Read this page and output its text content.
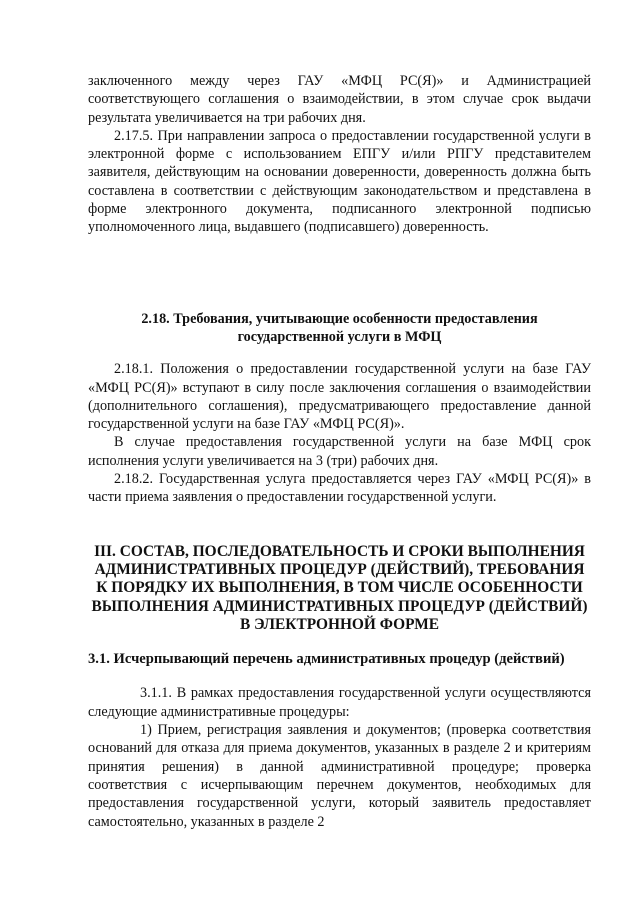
заключенного между через ГАУ «МФЦ РС(Я)» и Администрацией соответствующего соглашения о взаимодействии, в этом случае срок выдачи результата увеличивается на три рабочих дня.

2.17.5. При направлении запроса о предоставлении государственной услуги в электронной форме с использованием ЕПГУ и/или РПГУ представителем заявителя, действующим на основании доверенности, доверенность должна быть составлена в соответствии с действующим законодательством и представлена в форме электронного документа, подписанного электронной подписью уполномоченного лица, выдавшего (подписавшего) доверенность.

2.18. Требования, учитывающие особенности предоставления государственной услуги в МФЦ

2.18.1. Положения о предоставлении государственной услуги на базе ГАУ «МФЦ РС(Я)» вступают в силу после заключения соглашения о взаимодействии (дополнительного соглашения), предусматривающего предоставление данной государственной услуги на базе ГАУ «МФЦ РС(Я)».

В случае предоставления государственной услуги на базе МФЦ срок исполнения услуги увеличивается на 3 (три) рабочих дня.

2.18.2. Государственная услуга предоставляется через ГАУ «МФЦ РС(Я)» в части приема заявления о предоставлении государственной услуги.

III. СОСТАВ, ПОСЛЕДОВАТЕЛЬНОСТЬ И СРОКИ ВЫПОЛНЕНИЯ АДМИНИСТРАТИВНЫХ ПРОЦЕДУР (ДЕЙСТВИЙ), ТРЕБОВАНИЯ К ПОРЯДКУ ИХ ВЫПОЛНЕНИЯ, В ТОМ ЧИСЛЕ ОСОБЕННОСТИ ВЫПОЛНЕНИЯ АДМИНИСТРАТИВНЫХ ПРОЦЕДУР (ДЕЙСТВИЙ) В ЭЛЕКТРОННОЙ ФОРМЕ

3.1. Исчерпывающий перечень административных процедур (действий)

3.1.1. В рамках предоставления государственной услуги осуществляются следующие административные процедуры:

1) Прием, регистрация заявления и документов; (проверка соответствия оснований для отказа для приема документов, указанных в разделе 2 и критериям принятия решения) в данной административной процедуре; проверка соответствия с исчерпывающим перечнем документов, необходимых для предоставления государственной услуги, который заявитель предоставляет самостоятельно, указанных в разделе 2
